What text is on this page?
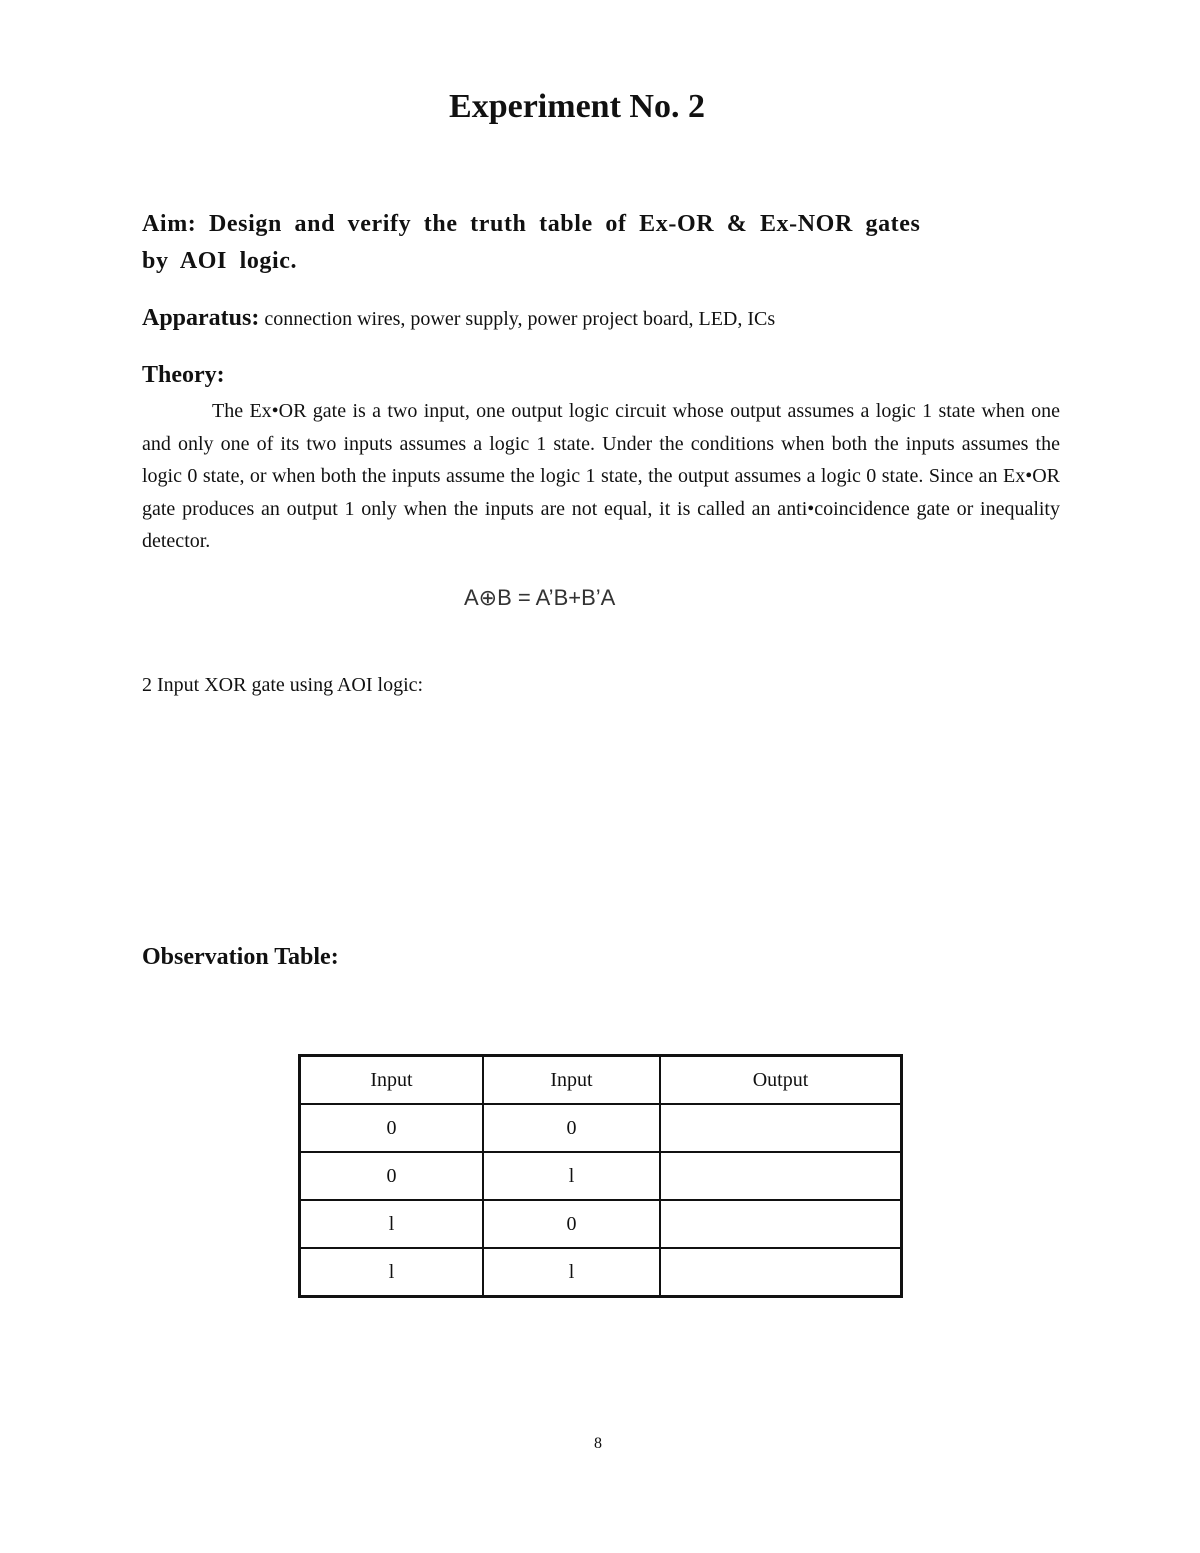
Experiment No. 2

Aim: Design and verify the truth table of Ex-OR & Ex-NOR gates by AOI logic.

Apparatus: connection wires, power supply, power project board, LED, ICs

Theory:

The Ex•OR gate is a two input, one output logic circuit whose output assumes a logic 1 state when one and only one of its two inputs assumes a logic 1 state. Under the conditions when both the inputs assumes the logic 0 state, or when both the inputs assume the logic 1 state, the output assumes a logic 0 state. Since an Ex•OR gate produces an output 1 only when the inputs are not equal, it is called an anti•coincidence gate or inequality detector.

A⊕B = A’B+B’A

2 Input XOR gate using AOI logic:

Observation Table:
Input	Input	Output
0	0	
0	l	
l	0	
l	l	

8
